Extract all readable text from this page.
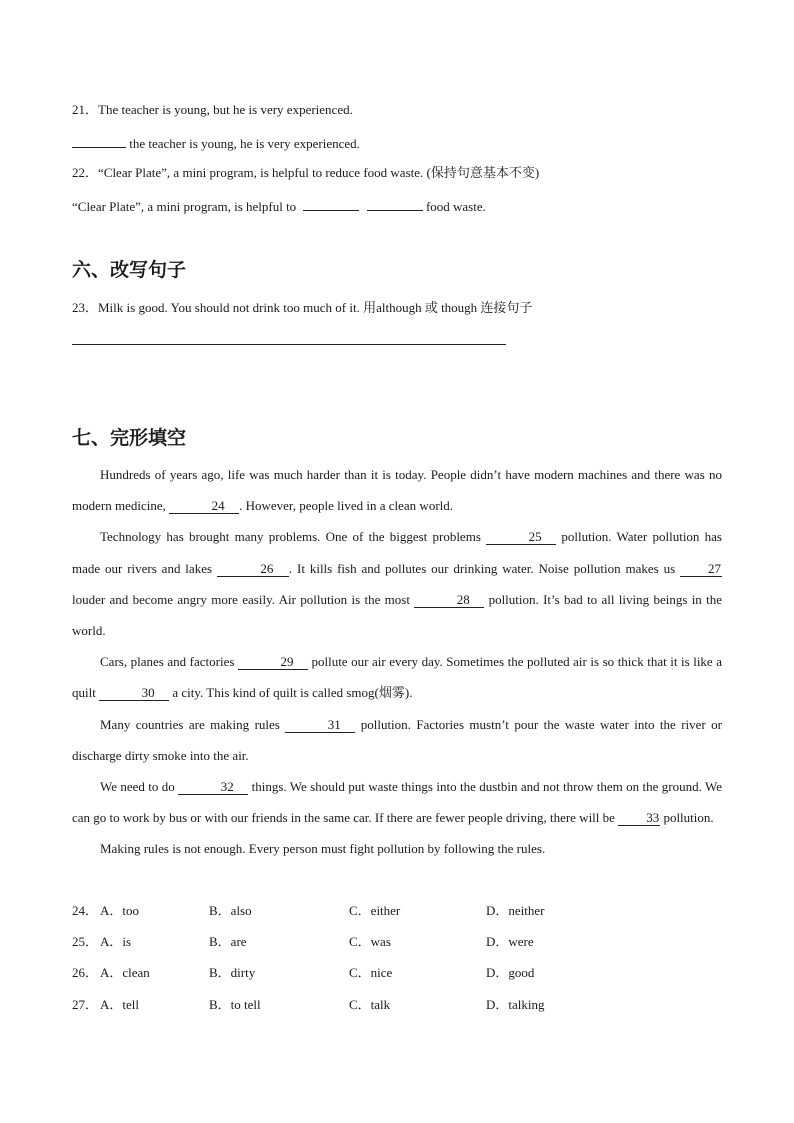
21．The teacher is young, but he is very experienced.
the teacher is young, he is very experienced.
22．“Clear Plate”, a mini program, is helpful to reduce food waste. (保持句意基本不变)
“Clear Plate”, a mini program, is helpful to	food waste.
六、改写句子
23．Milk is good. You should not drink too much of it. 用although 或 though 连接句子
七、完形填空

Hundreds of years ago, life was much harder than it is today. People didn’t have modern machines and there was no modern medicine,	24 . However, people lived in a clean world.

Technology has brought many problems. One of the biggest problems	25 pollution. Water pollution has made our rivers and lakes	26 . It kills fish and pollutes our drinking water. Noise pollution makes us	27 louder and become angry more easily. Air pollution is the most	28 pollution. It’s bad to all living beings in the world.

Cars, planes and factories	29 pollute our air every day. Sometimes the polluted air is so thick that it is like a quilt	30 a city. This kind of quilt is called smog(烟雾).

Many countries are making rules	31 pollution. Factories mustn’t pour the waste water into the river or discharge dirty smoke into the air.

We need to do	32 things. We should put waste things into the dustbin and not throw them on the ground. We can go to work by bus or with our friends in the same car. If there are fewer people driving, there will be 33 pollution.

Making rules is not enough. Every person must fight pollution by following the rules.

24． A．too	B．also	C．either	D．neither
25． A．is	B．are	C．was	D．were
26． A．clean	B．dirty	C．nice	D．good
27． A．tell	B．to tell	C．talk	D．talking
